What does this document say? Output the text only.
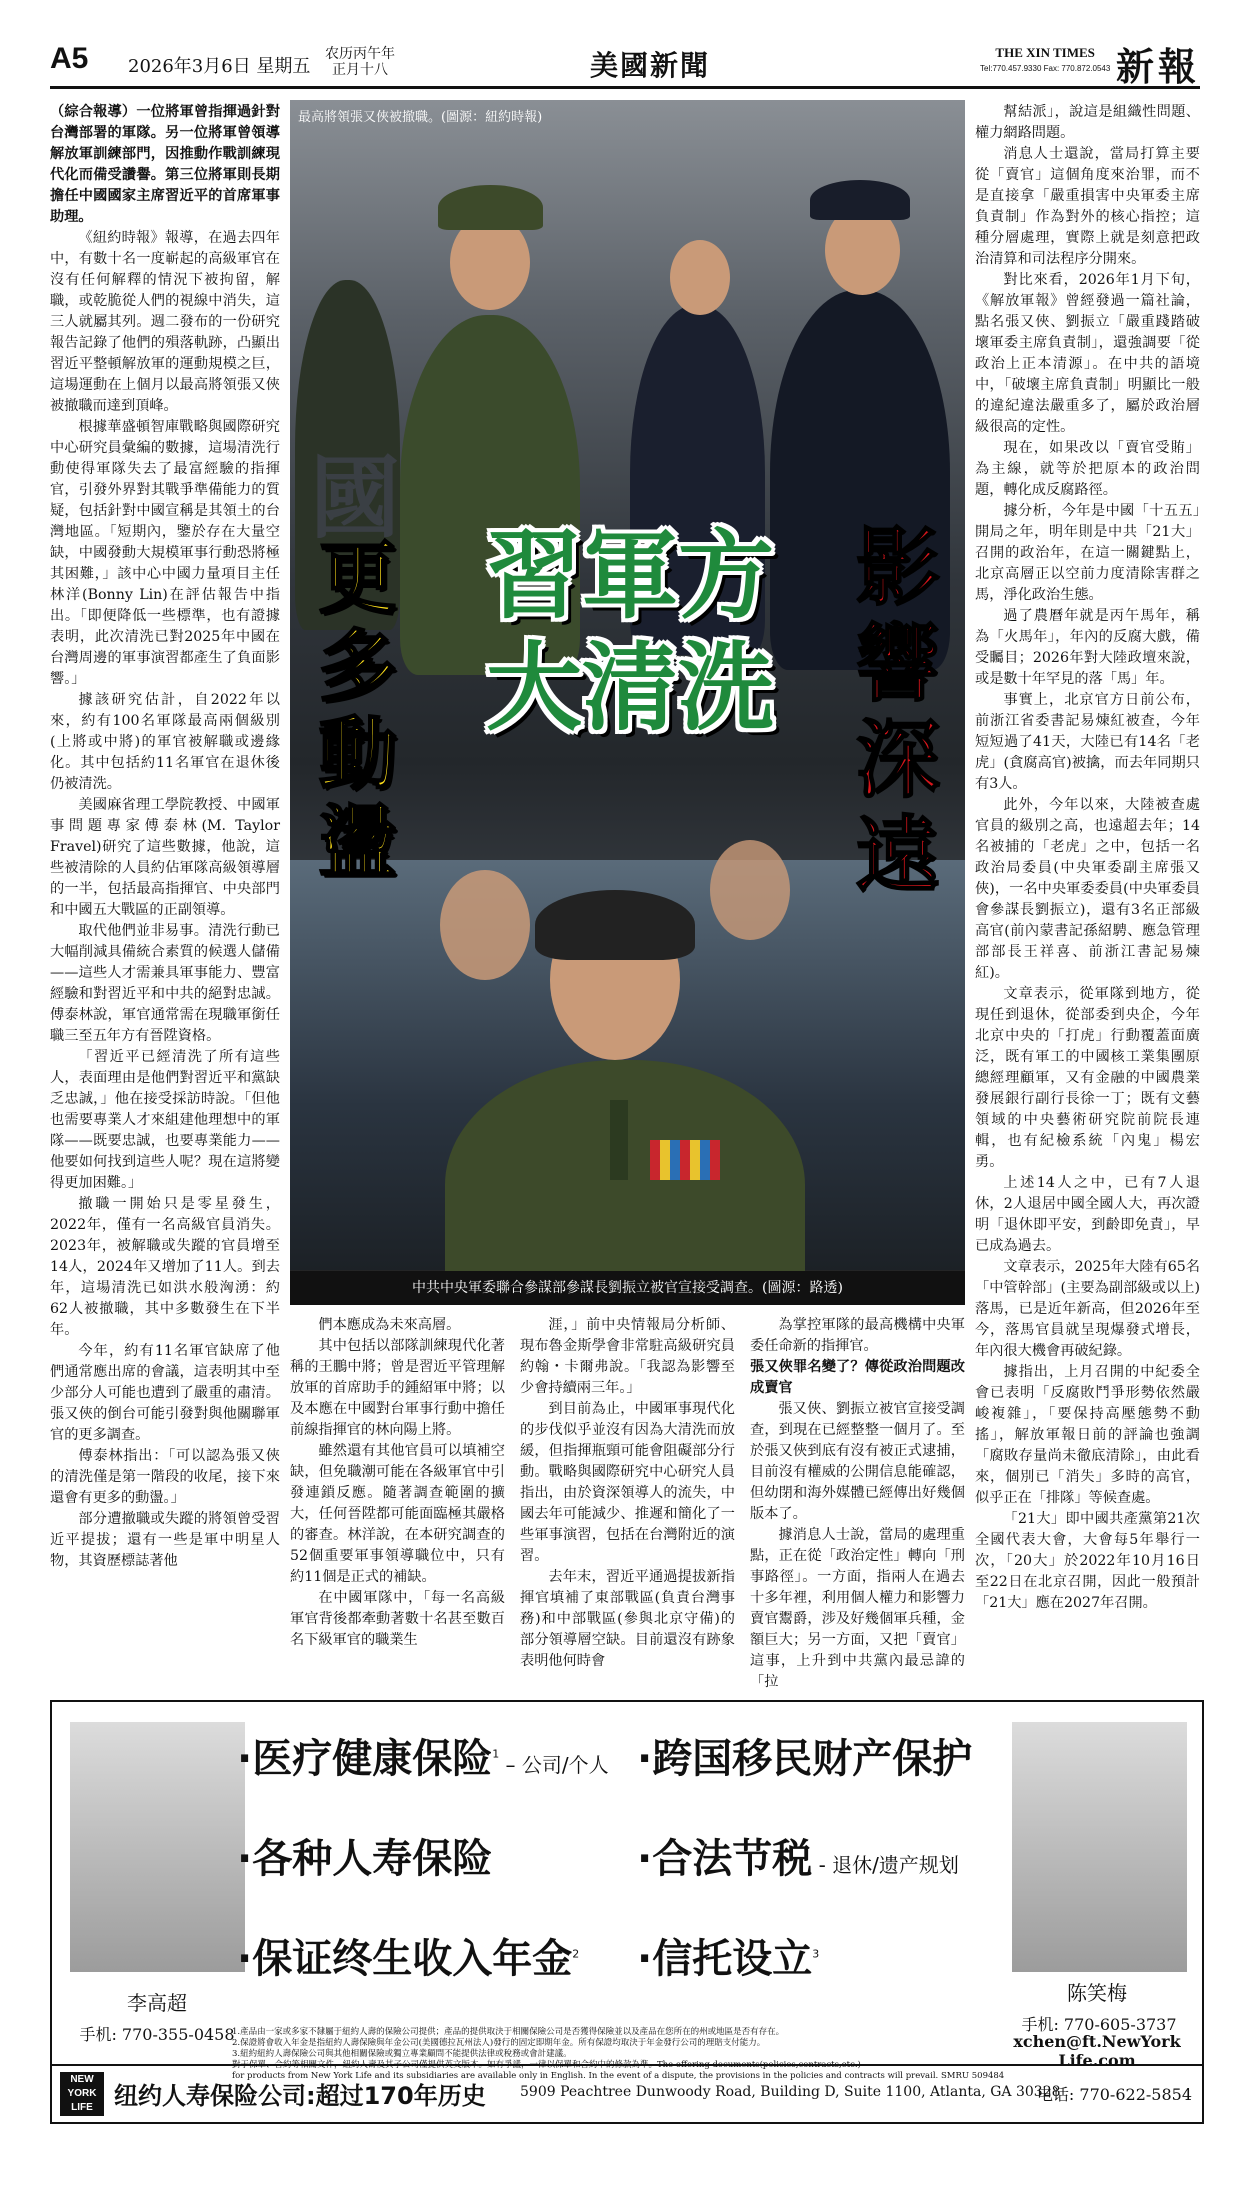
A5 2026年3月6日 星期五
农历丙午年
正月十八	美國新聞	THE XIN TIMES
Tel:770.457.9330 Fax: 770.872.0543 新報

（綜合報導）一位將軍曾指揮過針對台灣部署的軍隊。另一位將軍曾領導解放軍訓練部門，因推動作戰訓練現代化而備受讚譽。第三位將軍則長期擔任中國國家主席習近平的首席軍事助理。

《紐約時報》報導，在過去四年中，有數十名一度嶄起的高級軍官在沒有任何解釋的情況下被拘留，解職，或乾脆從人們的視線中消失，這三人就屬其列。週二發布的一份研究報告記錄了他們的殞落軌跡，凸顯出習近平整頓解放軍的運動規模之巨，這場運動在上個月以最高將領張又俠被撤職而達到頂峰。

根據華盛頓智庫戰略與國際研究中心研究員彙編的數據，這場清洗行動使得軍隊失去了最富經驗的指揮官，引發外界對其戰爭準備能力的質疑，包括針對中國宣稱是其領土的台灣地區。「短期內，鑒於存在大量空缺，中國發動大規模軍事行動恐將極其困難，」該中心中國力量項目主任林洋(Bonny Lin)在評估報告中指出。「即便降低一些標準，也有證據表明，此次清洗已對2025年中國在台灣周邊的軍事演習都產生了負面影響。」

據該研究估計，自2022年以來，約有100名軍隊最高兩個級別(上將或中將)的軍官被解職或邊緣化。其中包括約11名軍官在退休後仍被清洗。

美國麻省理工學院教授、中國軍事問題專家傅泰林(M. Taylor Fravel)研究了這些數據，他說，這些被清除的人員約佔軍隊高級領導層的一半，包括最高指揮官、中央部門和中國五大戰區的正副領導。

取代他們並非易事。清洗行動已大幅削減具備統合素質的候選人儲備——這些人才需兼具軍事能力、豐富經驗和對習近平和中共的絕對忠誠。傅泰林說，軍官通常需在現職軍銜任職三至五年方有晉陞資格。

「習近平已經清洗了所有這些人，表面理由是他們對習近平和黨缺乏忠誠，」他在接受採訪時說。「但他也需要專業人才來組建他理想中的軍隊——既要忠誠，也要專業能力——他要如何找到這些人呢？現在這將變得更加困難。」

撤職一開始只是零星發生，2022年，僅有一名高級官員消失。2023年，被解職或失蹤的官員增至14人，2024年又增加了11人。到去年，這場清洗已如洪水般洶湧：約62人被撤職，其中多數發生在下半年。

今年，約有11名軍官缺席了他們通常應出席的會議，這表明其中至少部分人可能也遭到了嚴重的肅清。張又俠的倒台可能引發對與他關聯軍官的更多調查。

傅泰林指出：「可以認為張又俠的清洗僅是第一階段的收尾，接下來還會有更多的動盪。」

部分遭撤職或失蹤的將領曾受習近平提拔；還有一些是軍中明星人物，其資歷標誌著他

最高將領張又俠被撤職。(圖源：紐約時報)
中共中央軍委聯合參謀部參謀長劉振立被官宣接受調查。(圖源：路透)
國
更多動盪
習軍方
大清洗
影響深遠

幫結派」，說這是組織性問題、權力網路問題。

消息人士還說，當局打算主要從「賣官」這個角度來治罪，而不是直接拿「嚴重損害中央軍委主席負責制」作為對外的核心指控；這種分層處理，實際上就是刻意把政治清算和司法程序分開來。

對比來看，2026年1月下旬，《解放軍報》曾經發過一篇社論，點名張又俠、劉振立「嚴重踐踏破壞軍委主席負責制」，還強調要「從政治上正本清源」。在中共的語境中，「破壞主席負責制」明顯比一般的違紀違法嚴重多了，屬於政治層級很高的定性。

現在，如果改以「賣官受賄」為主線，就等於把原本的政治問題，轉化成反腐路徑。

據分析，今年是中國「十五五」開局之年，明年則是中共「21大」召開的政治年，在這一關鍵點上，北京高層正以空前力度清除害群之馬，淨化政治生態。

過了農曆年就是丙午馬年，稱為「火馬年」，年內的反腐大戲，備受矚目；2026年對大陸政壇來說，或是數十年罕見的落「馬」年。

事實上，北京官方日前公布，前浙江省委書記易煉紅被查，今年短短過了41天，大陸已有14名「老虎」(貪腐高官)被擒，而去年同期只有3人。

此外，今年以來，大陸被查處官員的級別之高，也遠超去年；14名被捕的「老虎」之中，包括一名政治局委員(中央軍委副主席張又俠)，一名中央軍委委員(中央軍委員會參謀長劉振立)，還有3名正部級高官(前內蒙書記孫紹騁、應急管理部部長王祥喜、前浙江書記易煉紅)。

文章表示，從軍隊到地方，從現任到退休，從部委到央企，今年北京中央的「打虎」行動覆蓋面廣泛，既有軍工的中國核工業集團原總經理顧軍，又有金融的中國農業發展銀行副行長徐一丁；既有文藝領域的中央藝術研究院前院長連輯，也有紀檢系統「內鬼」楊宏勇。

上述14人之中，已有7人退休，2人退居中國全國人大，再次證明「退休即平安，到齡即免責」，早已成為過去。

文章表示，2025年大陸有65名「中管幹部」(主要為副部級或以上)落馬，已是近年新高，但2026年至今，落馬官員就呈現爆發式增長，年內很大機會再破紀錄。

據指出，上月召開的中紀委全會已表明「反腐敗鬥爭形勢依然嚴峻複雜」，「要保持高壓態勢不動搖」，解放軍報日前的評論也強調「腐敗存量尚未徹底清除」，由此看來，個別已「消失」多時的高官，似乎正在「排隊」等候查處。

「21大」即中國共產黨第21次全國代表大會，大會每5年舉行一次，「20大」於2022年10月16日至22日在北京召開，因此一般預計「21大」應在2027年召開。

們本應成為未來高層。

其中包括以部隊訓練現代化著稱的王鵬中將；曾是習近平管理解放軍的首席助手的鍾紹軍中將；以及本應在中國對台軍事行動中擔任前線指揮官的林向陽上將。

雖然還有其他官員可以填補空缺，但免職潮可能在各級軍官中引發連鎖反應。隨著調查範圍的擴大，任何晉陞都可能面臨極其嚴格的審查。林洋說，在本研究調查的52個重要軍事領導職位中，只有約11個是正式的補缺。

在中國軍隊中，「每一名高級軍官背後都牽動著數十名甚至數百名下級軍官的職業生

涯，」前中央情報局分析師、現布魯金斯學會非常駐高級研究員約翰・卡爾弗說。「我認為影響至少會持續兩三年。」

到目前為止，中國軍事現代化的步伐似乎並沒有因為大清洗而放緩，但指揮瓶頸可能會阻礙部分行動。戰略與國際研究中心研究人員指出，由於資深領導人的流失，中國去年可能減少、推遲和簡化了一些軍事演習，包括在台灣附近的演習。

去年末，習近平通過提拔新指揮官填補了東部戰區(負責台灣事務)和中部戰區(參與北京守備)的部分領導層空缺。目前還沒有跡象表明他何時會

為掌控軍隊的最高機構中央軍委任命新的指揮官。

張又俠罪名變了？傳從政治問題改成賣官

張又俠、劉振立被官宣接受調查，到現在已經整整一個月了。至於張又俠到底有沒有被正式逮捕，目前沒有權威的公開信息能確認，但幼閉和海外媒體已經傳出好幾個版本了。

據消息人士說，當局的處理重點，正在從「政治定性」轉向「刑事路徑」。一方面，指兩人在過去十多年裡，利用個人權力和影響力賣官鬻爵，涉及好幾個軍兵種，金額巨大；另一方面，又把「賣官」這事，上升到中共黨內最忌諱的「拉

李高超
手机: 770-355-0458
陈笑梅
手机: 770-605-3737
xchen@ft.NewYork Life.com
·医疗健康保险$^1$ – 公司/个人 ·跨国移民财产保护
·各种人寿保险	·合法节税 - 退休/遗产规划
·保证终生收入年金$^2$ ·信托设立$^3$
1.產品由一家或多家不隸屬于紐約人壽的保險公司提供；產品的提供取決于相關保險公司是否獲得保險並以及產品在您所在的州或地區是否有存在。
2.保證將會收入年金是指紐約人壽保險與年金公司(美國德拉瓦州法人)發行的固定即期年金。所有保證均取決于年金發行公司的理賠支付能力。
3.紐約紐約人壽保險公司與其他相關保險或獨立專業顧問不能提供法律或稅務或會計建議。
對于保單、合約等相關文件，紐約人壽及其子公司僅提供英文版本。如有爭議，一律以保單和合約中的條款為準。The offering documents(policies,contracts,etc.)
for products from New York Life and its subsidiaries are available only in English. In the event of a dispute, the provisions in the policies and contracts will prevail. SMRU 509484
NEW YORK LIFE 纽约人寿保险公司:超过170年历史 5909 Peachtree Dunwoody Road, Building D, Suite 1100, Atlanta, GA 30328
电话: 770-622-5854
